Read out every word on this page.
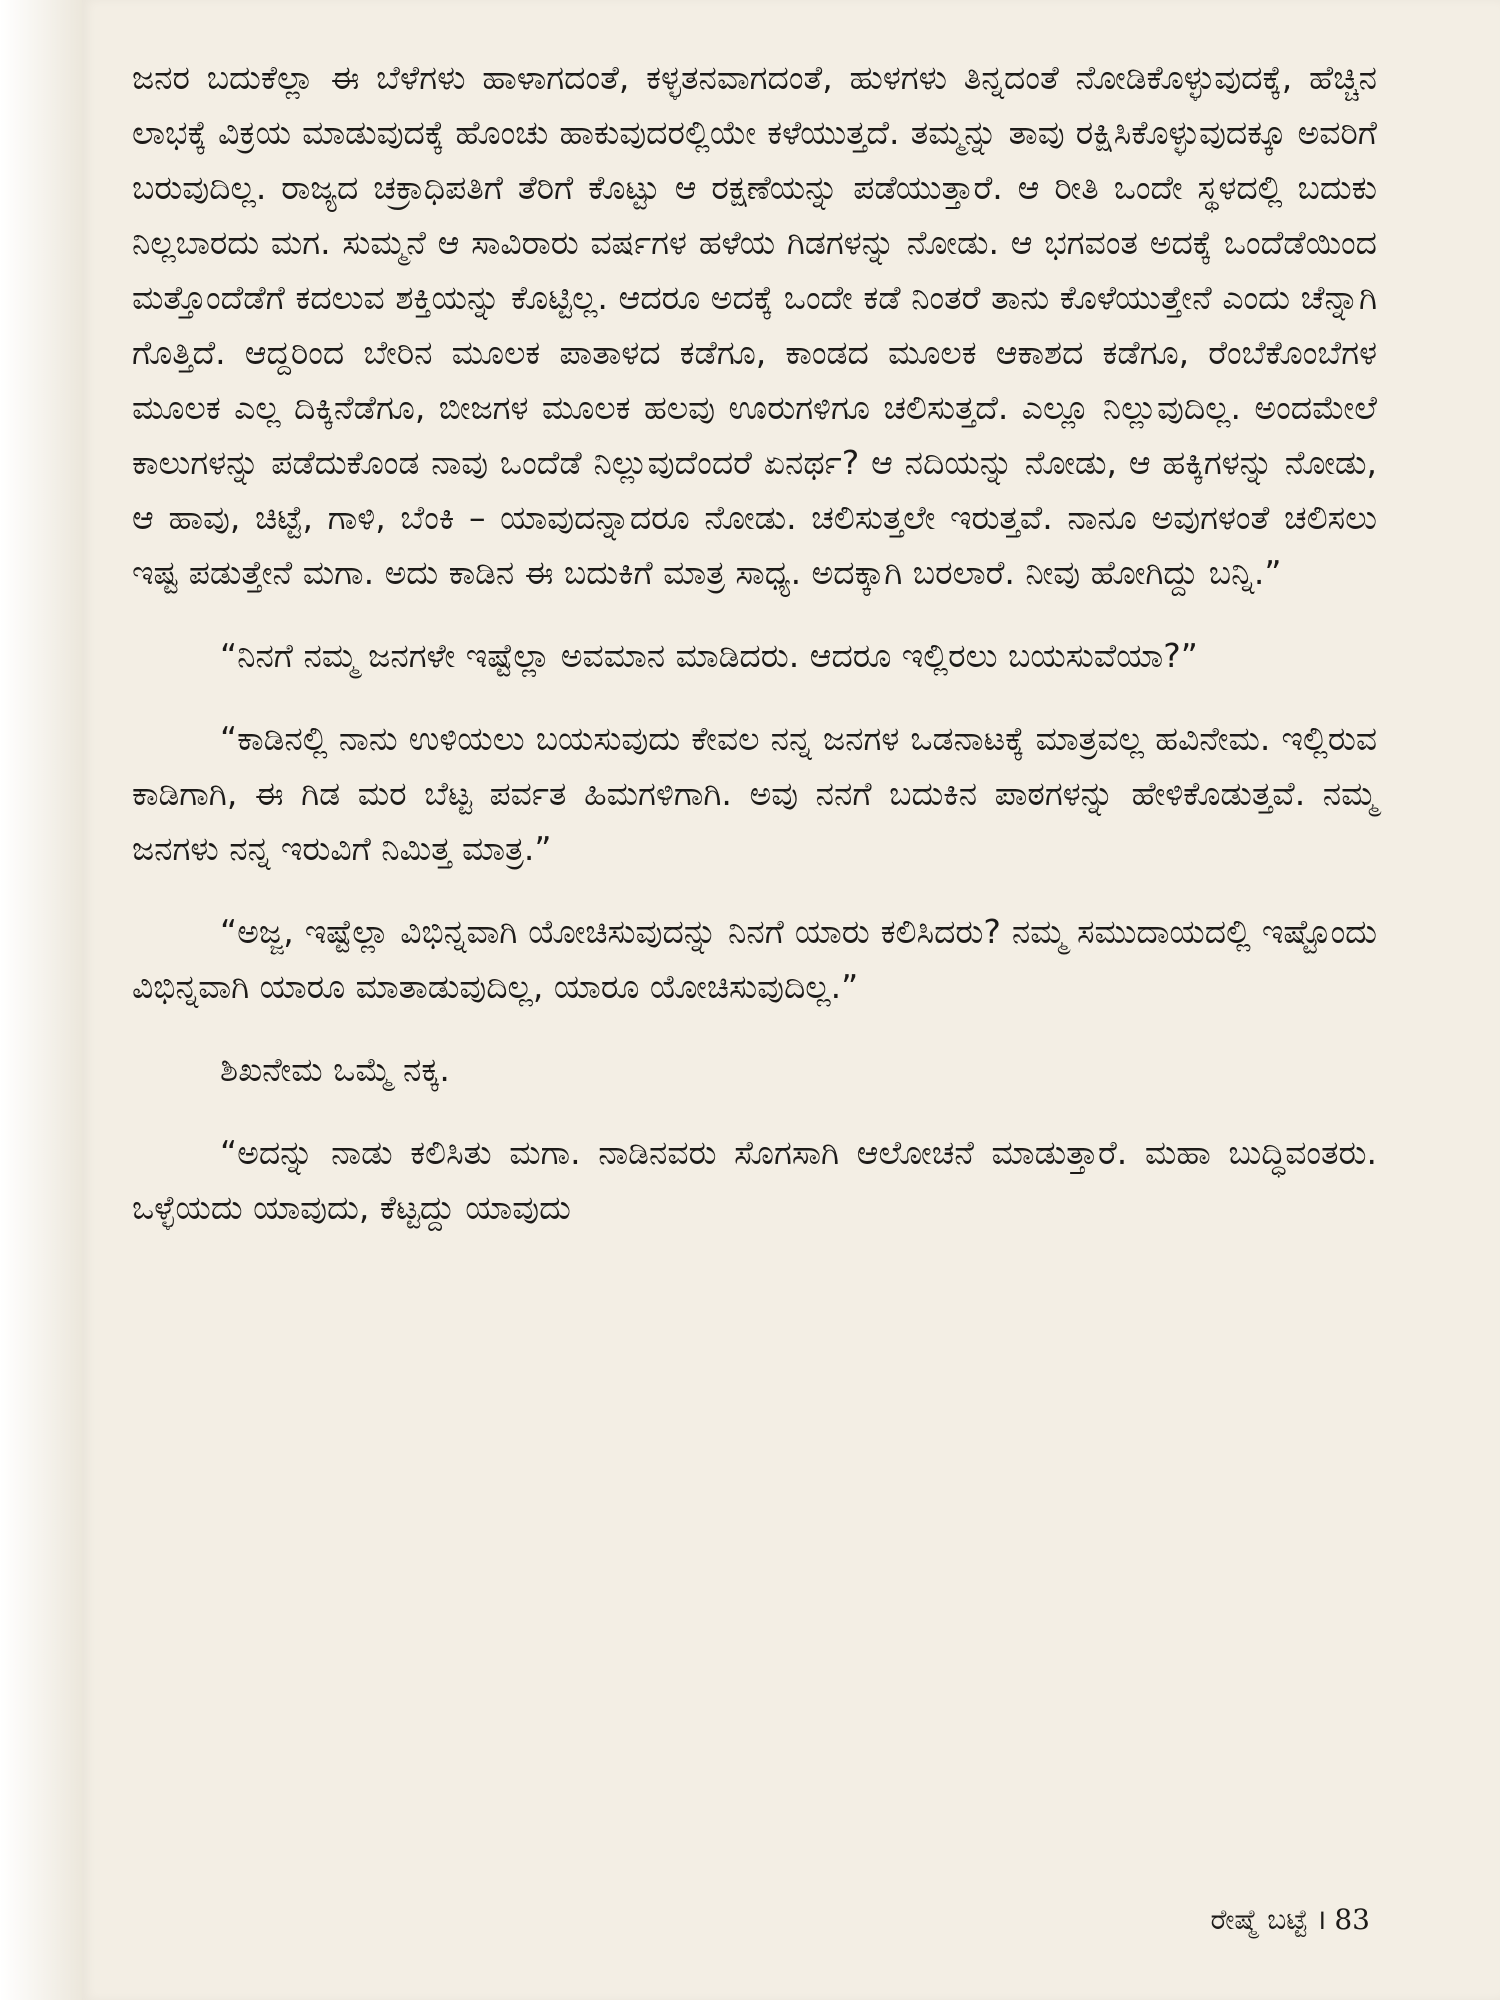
ಜನರ ಬದುಕೆಲ್ಲಾ ಈ ಬೆಳೆಗಳು ಹಾಳಾಗದಂತೆ, ಕಳ್ಳತನವಾಗದಂತೆ, ಹುಳಗಳು ತಿನ್ನದಂತೆ ನೋಡಿಕೊಳ್ಳುವುದಕ್ಕೆ, ಹೆಚ್ಚಿನ ಲಾಭಕ್ಕೆ ವಿಕ್ರಯ ಮಾಡುವುದಕ್ಕೆ ಹೊಂಚು ಹಾಕುವುದರಲ್ಲಿಯೇ ಕಳೆಯುತ್ತದೆ. ತಮ್ಮನ್ನು ತಾವು ರಕ್ಷಿಸಿಕೊಳ್ಳುವುದಕ್ಕೂ ಅವರಿಗೆ ಬರುವುದಿಲ್ಲ. ರಾಜ್ಯದ ಚಕ್ರಾಧಿಪತಿಗೆ ತೆರಿಗೆ ಕೊಟ್ಟು ಆ ರಕ್ಷಣೆಯನ್ನು ಪಡೆಯುತ್ತಾರೆ. ಆ ರೀತಿ ಒಂದೇ ಸ್ಥಳದಲ್ಲಿ ಬದುಕು ನಿಲ್ಲಬಾರದು ಮಗ. ಸುಮ್ಮನೆ ಆ ಸಾವಿರಾರು ವರ್ಷಗಳ ಹಳೆಯ ಗಿಡಗಳನ್ನು ನೋಡು. ಆ ಭಗವಂತ ಅದಕ್ಕೆ ಒಂದೆಡೆಯಿಂದ ಮತ್ತೊಂದೆಡೆಗೆ ಕದಲುವ ಶಕ್ತಿಯನ್ನು ಕೊಟ್ಟಿಲ್ಲ. ಆದರೂ ಅದಕ್ಕೆ ಒಂದೇ ಕಡೆ ನಿಂತರೆ ತಾನು ಕೊಳೆಯುತ್ತೇನೆ ಎಂದು ಚೆನ್ನಾಗಿ ಗೊತ್ತಿದೆ. ಆದ್ದರಿಂದ ಬೇರಿನ ಮೂಲಕ ಪಾತಾಳದ ಕಡೆಗೂ, ಕಾಂಡದ ಮೂಲಕ ಆಕಾಶದ ಕಡೆಗೂ, ರೆಂಬೆಕೊಂಬೆಗಳ ಮೂಲಕ ಎಲ್ಲ ದಿಕ್ಕಿನೆಡೆಗೂ, ಬೀಜಗಳ ಮೂಲಕ ಹಲವು ಊರುಗಳಿಗೂ ಚಲಿಸುತ್ತದೆ. ಎಲ್ಲೂ ನಿಲ್ಲುವುದಿಲ್ಲ. ಅಂದಮೇಲೆ ಕಾಲುಗಳನ್ನು ಪಡೆದುಕೊಂಡ ನಾವು ಒಂದೆಡೆ ನಿಲ್ಲುವುದೆಂದರೆ ಏನರ್ಥ? ಆ ನದಿಯನ್ನು ನೋಡು, ಆ ಹಕ್ಕಿಗಳನ್ನು ನೋಡು, ಆ ಹಾವು, ಚಿಟ್ಟೆ, ಗಾಳಿ, ಬೆಂಕಿ – ಯಾವುದನ್ನಾದರೂ ನೋಡು. ಚಲಿಸುತ್ತಲೇ ಇರುತ್ತವೆ. ನಾನೂ ಅವುಗಳಂತೆ ಚಲಿಸಲು ಇಷ್ಟ ಪಡುತ್ತೇನೆ ಮಗಾ. ಅದು ಕಾಡಿನ ಈ ಬದುಕಿಗೆ ಮಾತ್ರ ಸಾಧ್ಯ. ಅದಕ್ಕಾಗಿ ಬರಲಾರೆ. ನೀವು ಹೋಗಿದ್ದು ಬನ್ನಿ.”

“ನಿನಗೆ ನಮ್ಮ ಜನಗಳೇ ಇಷ್ಟೆಲ್ಲಾ ಅವಮಾನ ಮಾಡಿದರು. ಆದರೂ ಇಲ್ಲಿರಲು ಬಯಸುವೆಯಾ?”

“ಕಾಡಿನಲ್ಲಿ ನಾನು ಉಳಿಯಲು ಬಯಸುವುದು ಕೇವಲ ನನ್ನ ಜನಗಳ ಒಡನಾಟಕ್ಕೆ ಮಾತ್ರವಲ್ಲ ಹವಿನೇಮ. ಇಲ್ಲಿರುವ ಕಾಡಿಗಾಗಿ, ಈ ಗಿಡ ಮರ ಬೆಟ್ಟ ಪರ್ವತ ಹಿಮಗಳಿಗಾಗಿ. ಅವು ನನಗೆ ಬದುಕಿನ ಪಾಠಗಳನ್ನು ಹೇಳಿಕೊಡುತ್ತವೆ. ನಮ್ಮ ಜನಗಳು ನನ್ನ ಇರುವಿಗೆ ನಿಮಿತ್ತ ಮಾತ್ರ.”

“ಅಜ್ಜ, ಇಷ್ಟೆಲ್ಲಾ ವಿಭಿನ್ನವಾಗಿ ಯೋಚಿಸುವುದನ್ನು ನಿನಗೆ ಯಾರು ಕಲಿಸಿದರು? ನಮ್ಮ ಸಮುದಾಯದಲ್ಲಿ ಇಷ್ಟೊಂದು ವಿಭಿನ್ನವಾಗಿ ಯಾರೂ ಮಾತಾಡುವುದಿಲ್ಲ, ಯಾರೂ ಯೋಚಿಸುವುದಿಲ್ಲ.”

ಶಿಖನೇಮ ಒಮ್ಮೆ ನಕ್ಕ.

“ಅದನ್ನು ನಾಡು ಕಲಿಸಿತು ಮಗಾ. ನಾಡಿನವರು ಸೊಗಸಾಗಿ ಆಲೋಚನೆ ಮಾಡುತ್ತಾರೆ. ಮಹಾ ಬುದ್ಧಿವಂತರು. ಒಳ್ಳೆಯದು ಯಾವುದು, ಕೆಟ್ಟದ್ದು ಯಾವುದು

ರೇಷ್ಮೆ ಬಟ್ಟೆ । 83
